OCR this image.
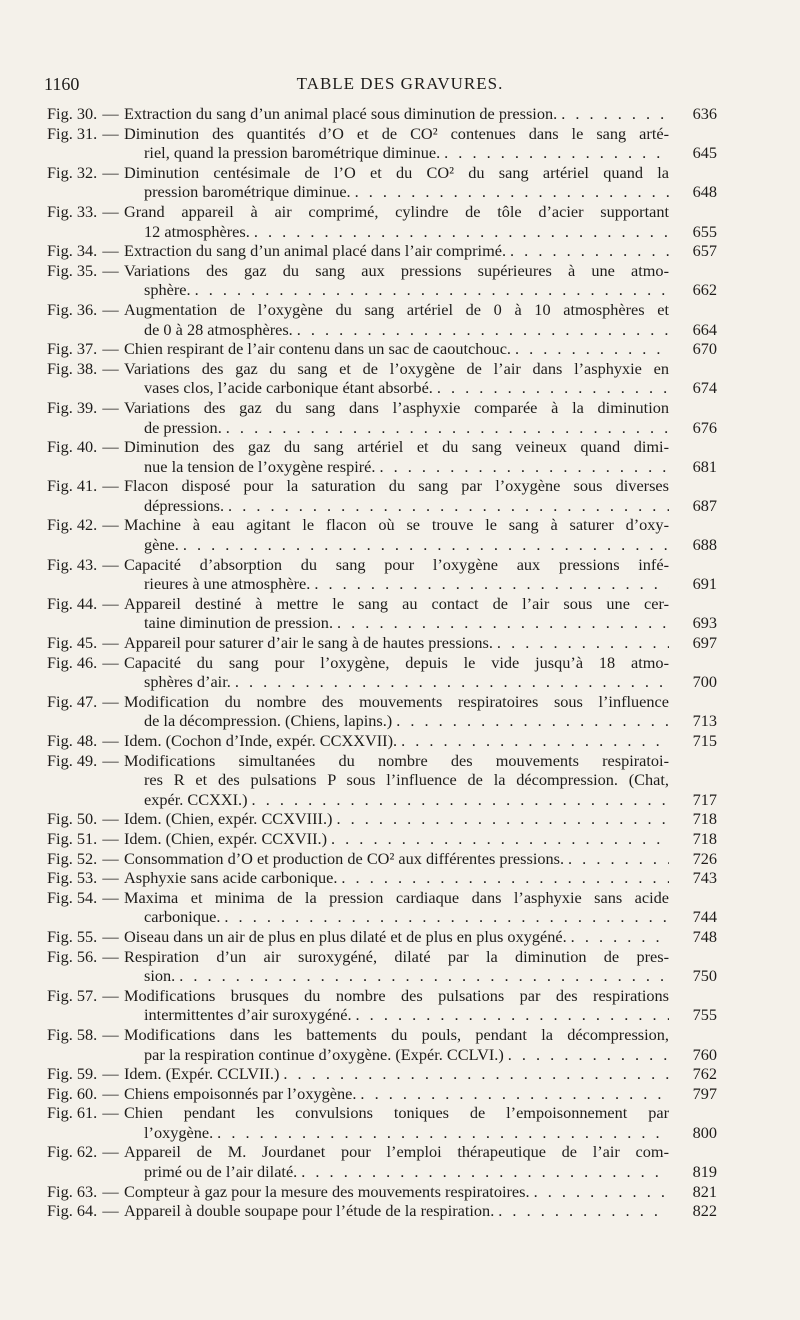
1160	TABLE DES GRAVURES.
Fig. 30. — Extraction du sang d’un animal placé sous diminution de pression.
. . .	636
Fig. 31. — Diminution des quantités d’O et de CO² contenues dans le sang arté-
riel, quand la pression barométrique diminue. . . .	645
Fig. 32. — Diminution centésimale de l’O et du CO² du sang artériel quand la
pression barométrique diminue. . . .	648
Fig. 33. — Grand appareil à air comprimé, cylindre de tôle d’acier supportant
12 atmosphères. . . .	655
Fig. 34. — Extraction du sang d’un animal placé dans l’air comprimé.
. . .	657
Fig. 35. — Variations des gaz du sang aux pressions supérieures à une atmo-
sphère. . . .	662
Fig. 36. — Augmentation de l’oxygène du sang artériel de 0 à 10 atmosphères et
de 0 à 28 atmosphères. . . .	664
Fig. 37. — Chien respirant de l’air contenu dans un sac de caoutchouc.
. . .	670
Fig. 38. — Variations des gaz du sang et de l’oxygène de l’air dans l’asphyxie en
vases clos, l’acide carbonique étant absorbé. . . .	674
Fig. 39. — Variations des gaz du sang dans l’asphyxie comparée à la diminution
de pression. . . .	676
Fig. 40. — Diminution des gaz du sang artériel et du sang veineux quand dimi-
nue la tension de l’oxygène respiré. . . .	681
Fig. 41. — Flacon disposé pour la saturation du sang par l’oxygène sous diverses
dépressions. . . .	687
Fig. 42. — Machine à eau agitant le flacon où se trouve le sang à saturer d’oxy-
gène. . . .	688
Fig. 43. — Capacité d’absorption du sang pour l’oxygène aux pressions infé-
rieures à une atmosphère. . . .	691
Fig. 44. — Appareil destiné à mettre le sang au contact de l’air sous une cer-
taine diminution de pression. . . .	693
Fig. 45. — Appareil pour saturer d’air le sang à de hautes pressions.
. . .	697
Fig. 46. — Capacité du sang pour l’oxygène, depuis le vide jusqu’à 18 atmo-
sphères d’air. . . .	700
Fig. 47. — Modification du nombre des mouvements respiratoires sous l’influence
de la décompression. (Chiens, lapins.) . . .	713
Fig. 48. — Idem. (Cochon d’Inde, expér. CCXXVII).
. . .	715
Fig. 49. — Modifications simultanées du nombre des mouvements respiratoi-
res R et des pulsations P sous l’influence de la décompression. (Chat,
expér. CCXXI.) . . .	717
Fig. 50. — Idem. (Chien, expér. CCXVIII.)
. . .	718
Fig. 51. — Idem. (Chien, expér. CCXVII.)
. . .	718
Fig. 52. — Consommation d’O et production de CO² aux différentes pressions.
. . .	726
Fig. 53. — Asphyxie sans acide carbonique.
. . .	743
Fig. 54. — Maxima et minima de la pression cardiaque dans l’asphyxie sans acide
carbonique. . . .	744
Fig. 55. — Oiseau dans un air de plus en plus dilaté et de plus en plus oxygéné.
. . .	748
Fig. 56. — Respiration d’un air suroxygéné, dilaté par la diminution de pres-
sion. . . .	750
Fig. 57. — Modifications brusques du nombre des pulsations par des respirations
intermittentes d’air suroxygéné. . . .	755
Fig. 58. — Modifications dans les battements du pouls, pendant la décompression,
par la respiration continue d’oxygène. (Expér. CCLVI.) . . .	760
Fig. 59. — Idem. (Expér. CCLVII.)
. . .	762
Fig. 60. — Chiens empoisonnés par l’oxygène.
. . .	797
Fig. 61. — Chien pendant les convulsions toniques de l’empoisonnement par
l’oxygène. . . .	800
Fig. 62. — Appareil de M. Jourdanet pour l’emploi thérapeutique de l’air com-
primé ou de l’air dilaté. . . .	819
Fig. 63. — Compteur à gaz pour la mesure des mouvements respiratoires.
. . .	821
Fig. 64. — Appareil à double soupape pour l’étude de la respiration.
. . .	822
